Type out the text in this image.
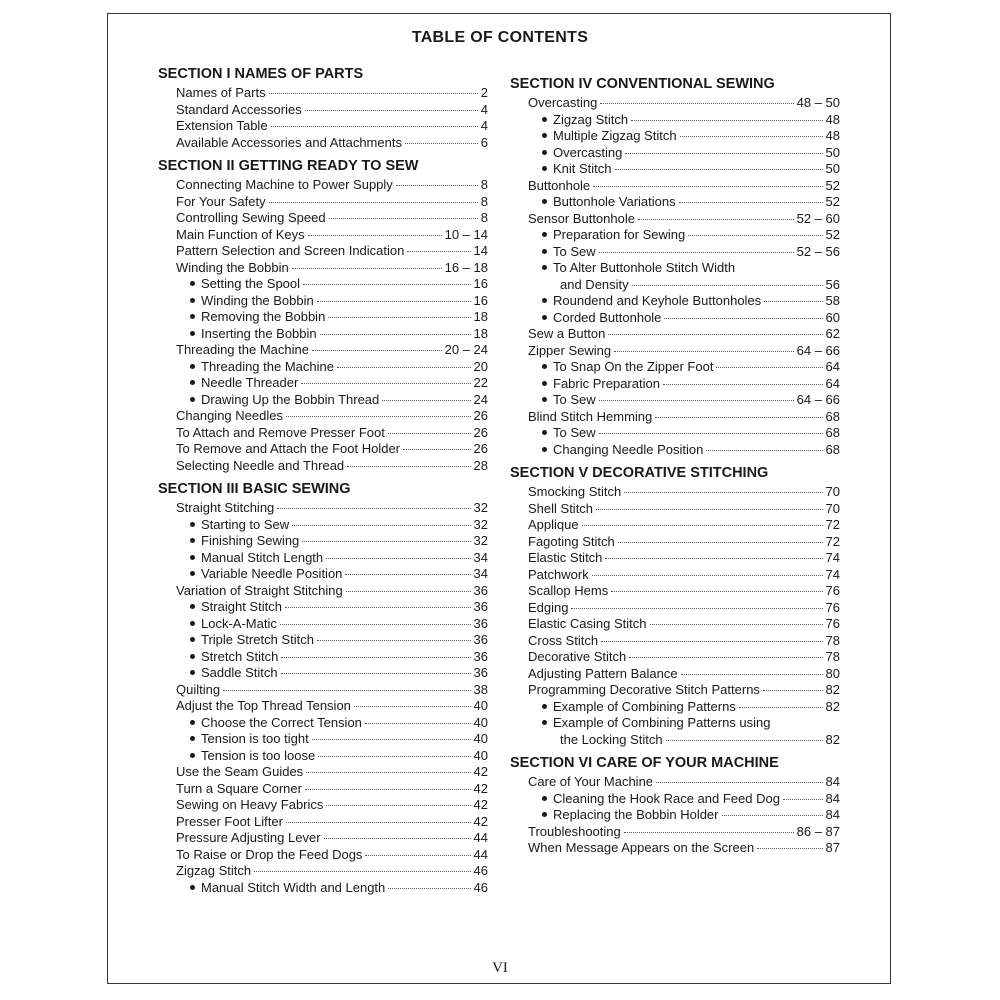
TABLE OF CONTENTS
SECTION I NAMES OF PARTS
Names of Parts	2
Standard Accessories	4
Extension Table	4
Available Accessories and Attachments	6
SECTION II GETTING READY TO SEW
Connecting Machine to Power Supply	8
For Your Safety	8
Controlling Sewing Speed	8
Main Function of Keys	10 – 14
Pattern Selection and Screen Indication	14
Winding the Bobbin	16 – 18
Setting the Spool	16
Winding the Bobbin	16
Removing the Bobbin	18
Inserting the Bobbin	18
Threading the Machine	20 – 24
Threading the Machine	20
Needle Threader	22
Drawing Up the Bobbin Thread	24
Changing Needles	26
To Attach and Remove Presser Foot	26
To Remove and Attach the Foot Holder	26
Selecting Needle and Thread	28
SECTION III BASIC SEWING
Straight Stitching	32
Starting to Sew	32
Finishing Sewing	32
Manual Stitch Length	34
Variable Needle Position	34
Variation of Straight Stitching	36
Straight Stitch	36
Lock-A-Matic	36
Triple Stretch Stitch	36
Stretch Stitch	36
Saddle Stitch	36
Quilting	38
Adjust the Top Thread Tension	40
Choose the Correct Tension	40
Tension is too tight	40
Tension is too loose	40
Use the Seam Guides	42
Turn a Square Corner	42
Sewing on Heavy Fabrics	42
Presser Foot Lifter	42
Pressure Adjusting Lever	44
To Raise or Drop the Feed Dogs	44
Zigzag Stitch	46
Manual Stitch Width and Length	46
SECTION IV CONVENTIONAL SEWING
Overcasting	48 – 50
Zigzag Stitch	48
Multiple Zigzag Stitch	48
Overcasting	50
Knit Stitch	50
Buttonhole	52
Buttonhole Variations	52
Sensor Buttonhole	52 – 60
Preparation for Sewing	52
To Sew	52 – 56
To Alter Buttonhole Stitch Width
and Density	56
Roundend and Keyhole Buttonholes	58
Corded Buttonhole	60
Sew a Button	62
Zipper Sewing	64 – 66
To Snap On the Zipper Foot	64
Fabric Preparation	64
To Sew	64 – 66
Blind Stitch Hemming	68
To Sew	68
Changing Needle Position	68
SECTION V DECORATIVE STITCHING
Smocking Stitch	70
Shell Stitch	70
Applique	72
Fagoting Stitch	72
Elastic Stitch	74
Patchwork	74
Scallop Hems	76
Edging	76
Elastic Casing Stitch	76
Cross Stitch	78
Decorative Stitch	78
Adjusting Pattern Balance	80
Programming Decorative Stitch Patterns	82
Example of Combining Patterns	82
Example of Combining Patterns using
the Locking Stitch	82
SECTION VI CARE OF YOUR MACHINE
Care of Your Machine	84
Cleaning the Hook Race and Feed Dog	84
Replacing the Bobbin Holder	84
Troubleshooting	86 – 87
When Message Appears on the Screen	87
VI
